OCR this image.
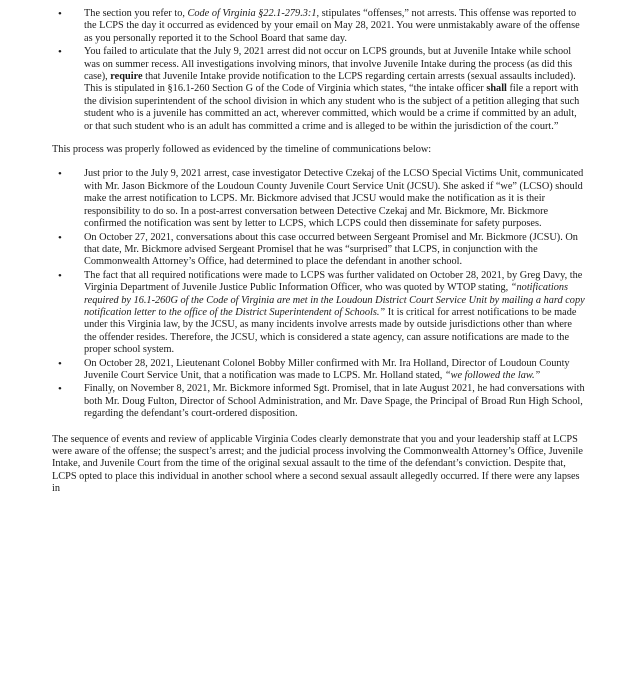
• The section you refer to, Code of Virginia §22.1-279.3:1, stipulates “offenses,” not arrests. This offense was reported to the LCPS the day it occurred as evidenced by your email on May 28, 2021. You were unmistakably aware of the offense as you personally reported it to the School Board that same day.
• You failed to articulate that the July 9, 2021 arrest did not occur on LCPS grounds, but at Juvenile Intake while school was on summer recess. All investigations involving minors, that involve Juvenile Intake during the process (as did this case), require that Juvenile Intake provide notification to the LCPS regarding certain arrests (sexual assaults included). This is stipulated in §16.1-260 Section G of the Code of Virginia which states, “the intake officer shall file a report with the division superintendent of the school division in which any student who is the subject of a petition alleging that such student who is a juvenile has committed an act, wherever committed, which would be a crime if committed by an adult, or that such student who is an adult has committed a crime and is alleged to be within the jurisdiction of the court.”

This process was properly followed as evidenced by the timeline of communications below:

• Just prior to the July 9, 2021 arrest, case investigator Detective Czekaj of the LCSO Special Victims Unit, communicated with Mr. Jason Bickmore of the Loudoun County Juvenile Court Service Unit (JCSU). She asked if “we” (LCSO) should make the arrest notification to LCPS. Mr. Bickmore advised that JCSU would make the notification as it is their responsibility to do so. In a post-arrest conversation between Detective Czekaj and Mr. Bickmore, Mr. Bickmore confirmed the notification was sent by letter to LCPS, which LCPS could then disseminate for safety purposes.
• On October 27, 2021, conversations about this case occurred between Sergeant Promisel and Mr. Bickmore (JCSU). On that date, Mr. Bickmore advised Sergeant Promisel that he was “surprised” that LCPS, in conjunction with the Commonwealth Attorney’s Office, had determined to place the defendant in another school.
• The fact that all required notifications were made to LCPS was further validated on October 28, 2021, by Greg Davy, the Virginia Department of Juvenile Justice Public Information Officer, who was quoted by WTOP stating, “notifications required by 16.1-260G of the Code of Virginia are met in the Loudoun District Court Service Unit by mailing a hard copy notification letter to the office of the District Superintendent of Schools.” It is critical for arrest notifications to be made under this Virginia law, by the JCSU, as many incidents involve arrests made by outside jurisdictions other than where the offender resides. Therefore, the JCSU, which is considered a state agency, can assure notifications are made to the proper school system.
• On October 28, 2021, Lieutenant Colonel Bobby Miller confirmed with Mr. Ira Holland, Director of Loudoun County Juvenile Court Service Unit, that a notification was made to LCPS. Mr. Holland stated, “we followed the law.”
• Finally, on November 8, 2021, Mr. Bickmore informed Sgt. Promisel, that in late August 2021, he had conversations with both Mr. Doug Fulton, Director of School Administration, and Mr. Dave Spage, the Principal of Broad Run High School, regarding the defendant’s court-ordered disposition.

The sequence of events and review of applicable Virginia Codes clearly demonstrate that you and your leadership staff at LCPS were aware of the offense; the suspect’s arrest; and the judicial process involving the Commonwealth Attorney’s Office, Juvenile Intake, and Juvenile Court from the time of the original sexual assault to the time of the defendant’s conviction. Despite that, LCPS opted to place this individual in another school where a second sexual assault allegedly occurred. If there were any lapses in
